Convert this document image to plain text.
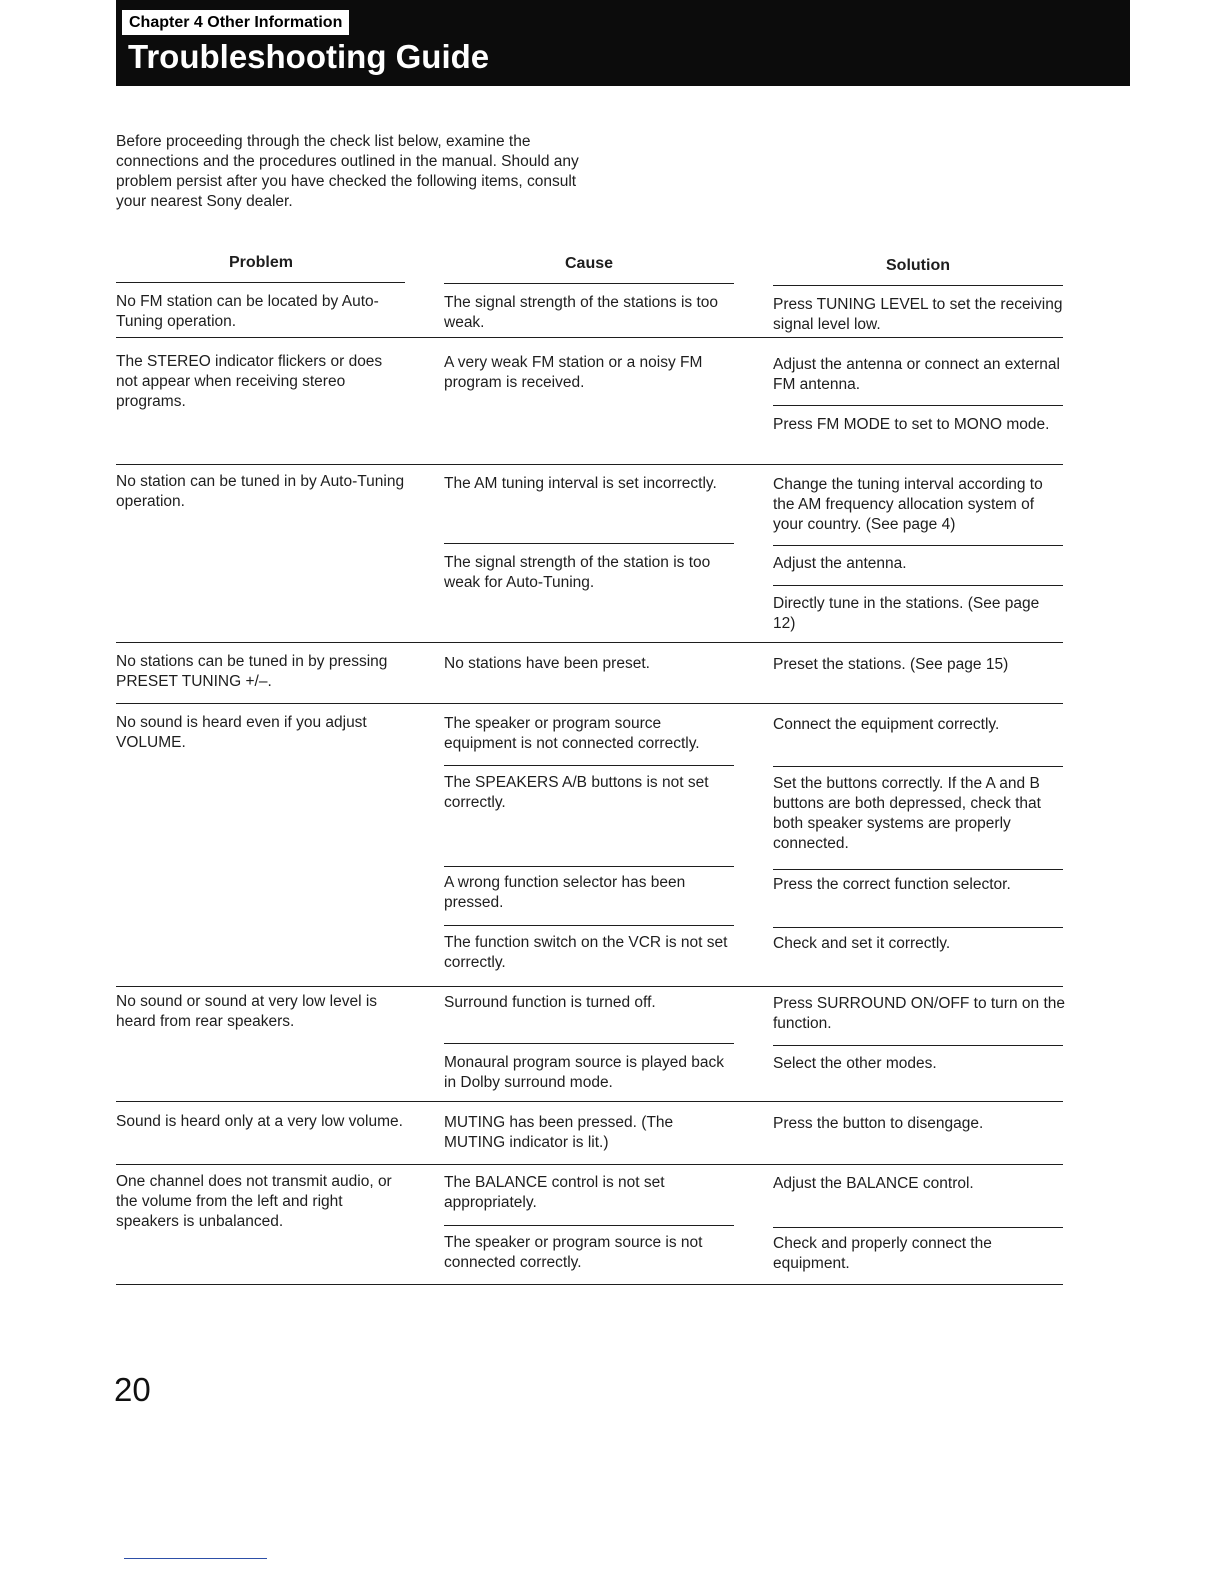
Chapter 4 Other Information
Troubleshooting Guide

Before proceeding through the check list below, examine the connections and the procedures outlined in the manual. Should any problem persist after you have checked the following items, consult your nearest Sony dealer.

Problem	Cause	Solution

No FM station can be located by Auto-Tuning operation.

The STEREO indicator flickers or does not appear when receiving stereo programs.

No station can be tuned in by Auto-Tuning operation.

No stations can be tuned in by pressing PRESET TUNING +/–.

No sound is heard even if you adjust VOLUME.

No sound or sound at very low level is heard from rear speakers.

Sound is heard only at a very low volume.

One channel does not transmit audio, or the volume from the left and right speakers is unbalanced.

The signal strength of the stations is too weak.

A very weak FM station or a noisy FM program is received.

The AM tuning interval is set incorrectly.

The signal strength of the station is too weak for Auto-Tuning.

No stations have been preset.

The speaker or program source equipment is not connected correctly.

The SPEAKERS A/B buttons is not set correctly.

A wrong function selector has been pressed.

The function switch on the VCR is not set correctly.

Surround function is turned off.

Monaural program source is played back in Dolby surround mode.

MUTING has been pressed. (The MUTING indicator is lit.)

The BALANCE control is not set appropriately.

The speaker or program source is not connected correctly.

Press TUNING LEVEL to set the receiving signal level low.

Adjust the antenna or connect an external FM antenna.

Press FM MODE to set to MONO mode.

Change the tuning interval according to the AM frequency allocation system of your country. (See page 4)

Adjust the antenna.

Directly tune in the stations. (See page 12)

Preset the stations. (See page 15)

Connect the equipment correctly.

Set the buttons correctly. If the A and B buttons are both depressed, check that both speaker systems are properly connected.

Press the correct function selector.

Check and set it correctly.

Press SURROUND ON/OFF to turn on the function.

Select the other modes.

Press the button to disengage.

Adjust the BALANCE control.

Check and properly connect the equipment.

20
